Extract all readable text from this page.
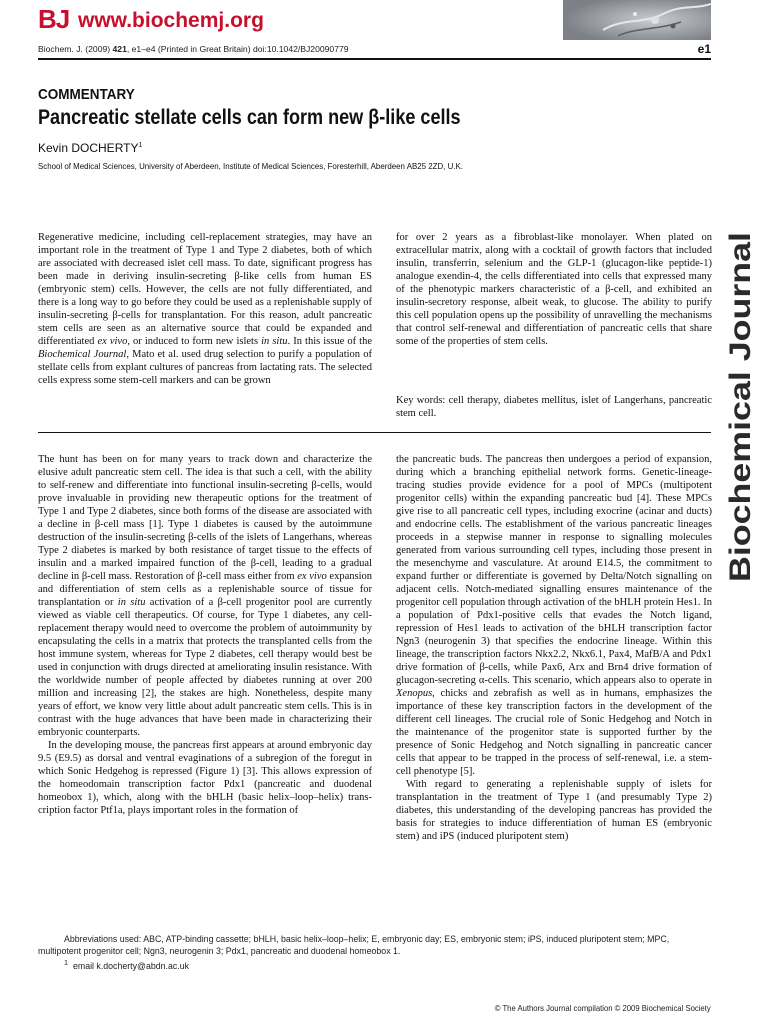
BJ www.biochemj.org
Biochem. J. (2009) 421, e1–e4 (Printed in Great Britain) doi:10.1042/BJ20090779	e1
COMMENTARY
Pancreatic stellate cells can form new β-like cells
Kevin DOCHERTY$^1$
School of Medical Sciences, University of Aberdeen, Institute of Medical Sciences, Foresterhill, Aberdeen AB25 2ZD, U.K.
Biochemical Journal

Regenerative medicine, including cell-replacement strategies, may have an important role in the treatment of Type 1 and Type 2 diabetes, both of which are associated with decreased islet cell mass. To date, significant progress has been made in deriving insulin-secreting β-like cells from human ES (embryonic stem) cells. However, the cells are not fully differentiated, and there is a long way to go before they could be used as a replenishable supply of insulin-secreting β-cells for transplantation. For this reason, adult pancreatic stem cells are seen as an alternative source that could be expanded and differentiated ex vivo, or induced to form new islets in situ. In this issue of the Biochemical Journal, Mato et al. used drug selection to purify a population of stellate cells from explant cultures of pancreas from lactating rats. The selected cells express some stem-cell markers and can be grown

for over 2 years as a fibroblast-like monolayer. When plated on extracellular matrix, along with a cocktail of growth factors that included insulin, transferrin, selenium and the GLP-1 (glucagon-like peptide-1) analogue exendin-4, the cells differentiated into cells that expressed many of the phenotypic markers characteristic of a β-cell, and exhibited an insulin-secretory response, albeit weak, to glucose. The ability to purify this cell population opens up the possibility of unravelling the mechanisms that control self-renewal and differentiation of pancreatic cells that share some of the properties of stem cells.

Key words: cell therapy, diabetes mellitus, islet of Langerhans, pancreatic stem cell.

The hunt has been on for many years to track down and characterize the elusive adult pancreatic stem cell. The idea is that such a cell, with the ability to self-renew and differentiate into functional insulin-secreting β-cells, would prove invaluable in providing new therapeutic options for the treatment of Type 1 and Type 2 diabetes, since both forms of the disease are associated with a decline in β-cell mass [1]. Type 1 diabetes is caused by the autoimmune destruction of the insulin-secreting β-cells of the islets of Langerhans, whereas Type 2 diabetes is marked by both resistance of target tissue to the effects of insulin and a marked impaired function of the β-cell, leading to a gradual decline in β-cell mass. Restoration of β-cell mass either from ex vivo expansion and differentiation of stem cells as a replenishable source of tissue for transplantation or in situ activation of a β-cell progenitor pool are currently viewed as viable cell therapeutics. Of course, for Type 1 diabetes, any cell-replacement therapy would need to overcome the problem of autoimmunity by encapsulating the cells in a matrix that protects the transplanted cells from the host immune system, whereas for Type 2 diabetes, cell therapy would best be used in conjunction with drugs directed at ameliorating insulin resistance. With the worldwide number of people affected by diabetes running at over 200 million and increasing [2], the stakes are high. Nonetheless, despite many years of effort, we know very little about adult pancreatic stem cells. This is in contrast with the huge advances that have been made in characterizing their embryonic counterparts.

In the developing mouse, the pancreas first appears at around embryonic day 9.5 (E9.5) as dorsal and ventral evaginations of a subregion of the foregut in which Sonic Hedgehog is repressed (Figure 1) [3]. This allows expression of the homeodomain transcription factor Pdx1 (pancreatic and duodenal homeobox 1), which, along with the bHLH (basic helix–loop–helix) transcription factor Ptf1a, plays important roles in the formation of

the pancreatic buds. The pancreas then undergoes a period of expansion, during which a branching epithelial network forms. Genetic-lineage-tracing studies provide evidence for a pool of MPCs (multipotent progenitor cells) within the expanding pancreatic bud [4]. These MPCs give rise to all pancreatic cell types, including exocrine (acinar and ducts) and endocrine cells. The establishment of the various pancreatic lineages proceeds in a stepwise manner in response to signalling molecules generated from various surrounding cell types, including those present in the mesenchyme and vasculature. At around E14.5, the commitment to expand further or differentiate is governed by Delta/Notch signalling on adjacent cells. Notch-mediated signalling ensures maintenance of the progenitor cell population through activation of the bHLH protein Hes1. In a population of Pdx1-positive cells that evades the Notch ligand, repression of Hes1 leads to activation of the bHLH transcription factor Ngn3 (neurogenin 3) that specifies the endocrine lineage. Within this lineage, the transcription factors Nkx2.2, Nkx6.1, Pax4, MafB/A and Pdx1 drive formation of β-cells, while Pax6, Arx and Brn4 drive formation of glucagon-secreting α-cells. This scenario, which appears also to operate in Xenopus, chicks and zebrafish as well as in humans, emphasizes the importance of these key transcription factors in the development of the different cell lineages. The crucial role of Sonic Hedgehog and Notch in the maintenance of the progenitor state is supported further by the presence of Sonic Hedgehog and Notch signalling in pancreatic cancer cells that appear to be trapped in the process of self-renewal, i.e. a stem-cell phenotype [5].

With regard to generating a replenishable supply of islets for transplantation in the treatment of Type 1 (and presumably Type 2) diabetes, this understanding of the developing pancreas has provided the basis for strategies to induce differentiation of human ES (embryonic stem) and iPS (induced pluripotent stem)

Abbreviations used: ABC, ATP-binding cassette; bHLH, basic helix–loop–helix; E, embryonic day; ES, embryonic stem; iPS, induced pluripotent stem; MPC, multipotent progenitor cell; Ngn3, neurogenin 3; Pdx1, pancreatic and duodenal homeobox 1.

$^1$ email k.docherty@abdn.ac.uk

© The Authors Journal compilation © 2009 Biochemical Society
